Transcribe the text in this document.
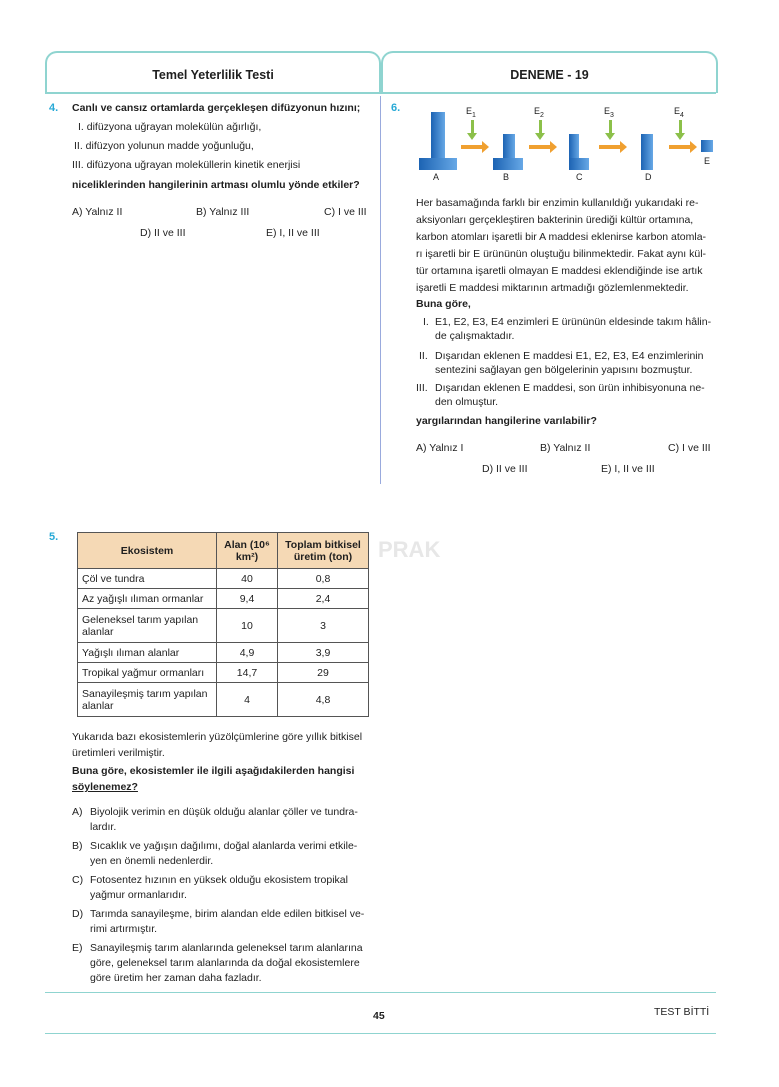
Temel Yeterlilik Testi	DENEME - 19
4. Canlı ve cansız ortamlarda gerçekleşen difüzyonun hızını;
I. difüzyona uğrayan molekülün ağırlığı,
II. difüzyon yolunun madde yoğunluğu,
III. difüzyona uğrayan moleküllerin kinetik enerjisi
niceliklerinden hangilerinin artması olumlu yönde etkiler?
A) Yalnız II	B) Yalnız III	C) I ve III
D) II ve III	E) I, II ve III
6.	$E_1$	$E_2$	$E_3$	$E_4$
A	B	C	D
E
Her basamağında farklı bir enzimin kullanıldığı yukarıdaki re-
aksiyonları gerçekleştiren bakterinin ürediği kültür ortamına,
karbon atomları işaretli bir A maddesi eklenirse karbon atomla-
rı işaretli bir E ürününün oluştuğu bilinmektedir. Fakat aynı kül-
tür ortamına işaretli olmayan E maddesi eklendiğinde ise artık
işaretli E maddesi miktarının artmadığı gözlemlenmektedir.
Buna göre,
I. E1, E2, E3, E4 enzimleri E ürününün eldesinde takım hâlin-
de çalışmaktadır.
II. Dışarıdan eklenen E maddesi E1, E2, E3, E4 enzimlerinin
sentezini sağlayan gen bölgelerinin yapısını bozmuştur.
III. Dışarıdan eklenen E maddesi, son ürün inhibisyonuna ne-
den olmuştur.
yargılarından hangilerine varılabilir?
A) Yalnız I	B) Yalnız II	C) I ve III
D) II ve III	E) I, II ve III
PRAK
5.
Ekosistem	Alan (10⁶ km²)	Toplam bitkisel üretim (ton)
Çöl ve tundra	40	0,8
Az yağışlı ılıman ormanlar	9,4	2,4
Geleneksel tarım yapılan alanlar	10	3
Yağışlı ılıman alanlar	4,9	3,9
Tropikal yağmur ormanları	14,7	29
Sanayileşmiş tarım yapılan alanlar	4	4,8
Yukarıda bazı ekosistemlerin yüzölçümlerine göre yıllık bitkisel
üretimleri verilmiştir.
Buna göre, ekosistemler ile ilgili aşağıdakilerden hangisi
söylenemez?
A) Biyolojik verimin en düşük olduğu alanlar çöller ve tundra-
lardır.
B) Sıcaklık ve yağışın dağılımı, doğal alanlarda verimi etkile-
yen en önemli nedenlerdir.
C) Fotosentez hızının en yüksek olduğu ekosistem tropikal
yağmur ormanlarıdır.
D) Tarımda sanayileşme, birim alandan elde edilen bitkisel ve-
rimi artırmıştır.
E) Sanayileşmiş tarım alanlarında geleneksel tarım alanlarına
göre, geleneksel tarım alanlarında da doğal ekosistemlere
göre üretim her zaman daha fazladır.
45	TEST BİTTİ
